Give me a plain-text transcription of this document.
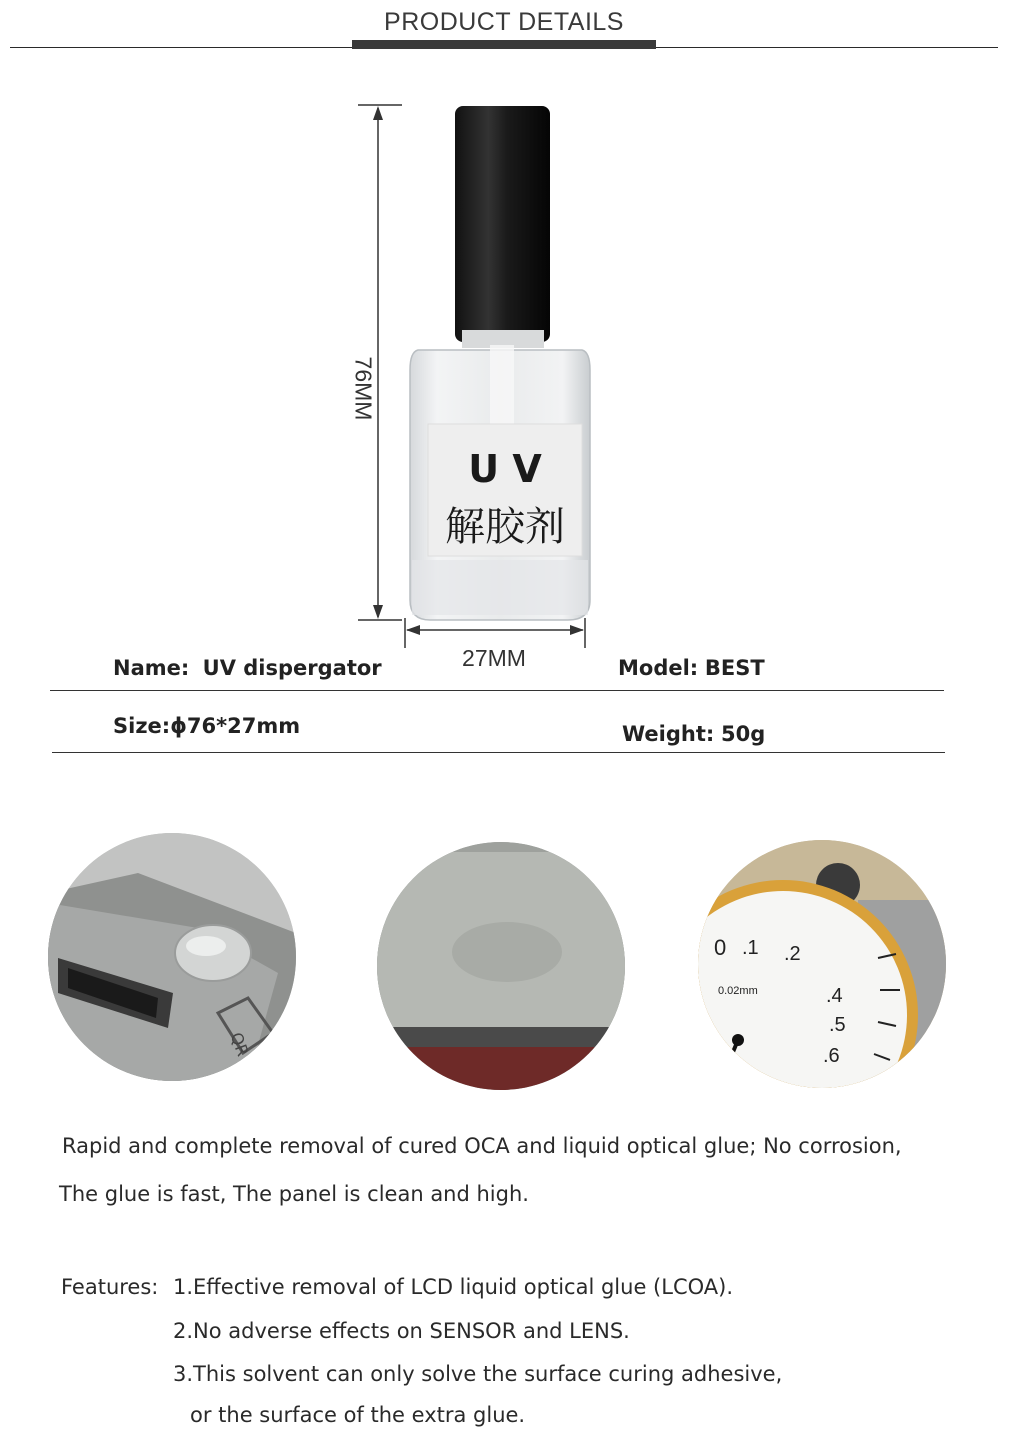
PRODUCT DETAILS
U V
解胶剂
76MM
27MM
Name: UV dispergator	Model: BEST
Size:ϕ76*27mm	Weight: 50g
QR
0 .1 .2
.4
.5
.6
0.02mm
Rapid and complete removal of cured OCA and liquid optical glue; No corrosion,
The glue is fast, The panel is clean and high.
Features: 1.Effective removal of LCD liquid optical glue (LCOA).
2.No adverse effects on SENSOR and LENS.
3.This solvent can only solve the surface curing adhesive,
or the surface of the extra glue.
